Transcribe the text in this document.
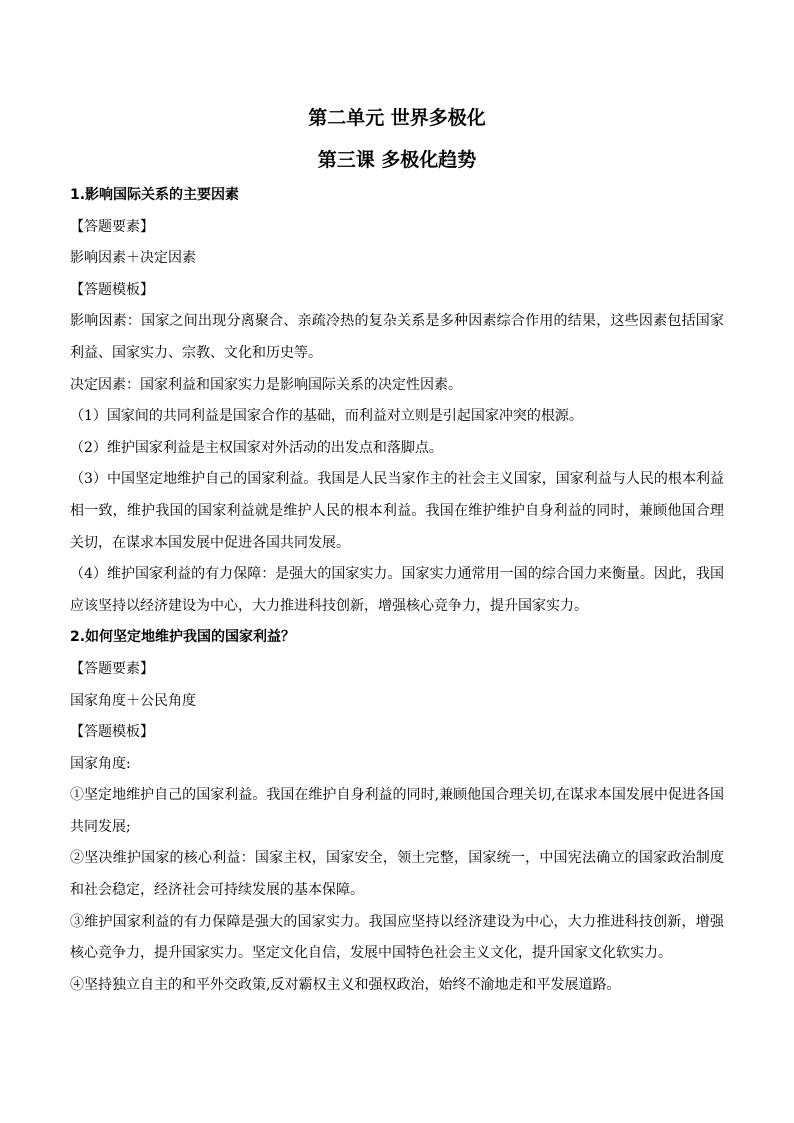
第二单元 世界多极化
第三课 多极化趋势

1.影响国际关系的主要因素

【答题要素】

影响因素＋决定因素

【答题模板】

影响因素：国家之间出现分离聚合、亲疏冷热的复杂关系是多种因素综合作用的结果，这些因素包括国家利益、国家实力、宗教、文化和历史等。

决定因素：国家利益和国家实力是影响国际关系的决定性因素。

（1）国家间的共同利益是国家合作的基础，而利益对立则是引起国家冲突的根源。

（2）维护国家利益是主权国家对外活动的出发点和落脚点。

（3）中国坚定地维护自己的国家利益。我国是人民当家作主的社会主义国家，国家利益与人民的根本利益相一致，维护我国的国家利益就是维护人民的根本利益。我国在维护维护自身利益的同时，兼顾他国合理关切，在谋求本国发展中促进各国共同发展。

（4）维护国家利益的有力保障：是强大的国家实力。国家实力通常用一国的综合国力来衡量。因此，我国应该坚持以经济建设为中心，大力推进科技创新，增强核心竞争力，提升国家实力。

2.如何坚定地维护我国的国家利益？

【答题要素】

国家角度＋公民角度

【答题模板】

国家角度:

①坚定地维护自己的国家利益。我国在维护自身利益的同时,兼顾他国合理关切,在谋求本国发展中促进各国共同发展;

②坚决维护国家的核心利益：国家主权，国家安全，领土完整，国家统一，中国宪法确立的国家政治制度和社会稳定，经济社会可持续发展的基本保障。

③维护国家利益的有力保障是强大的国家实力。我国应坚持以经济建设为中心，大力推进科技创新，增强核心竞争力，提升国家实力。坚定文化自信，发展中国特色社会主义文化，提升国家文化软实力。

④坚持独立自主的和平外交政策,反对霸权主义和强权政治，始终不渝地走和平发展道路。
